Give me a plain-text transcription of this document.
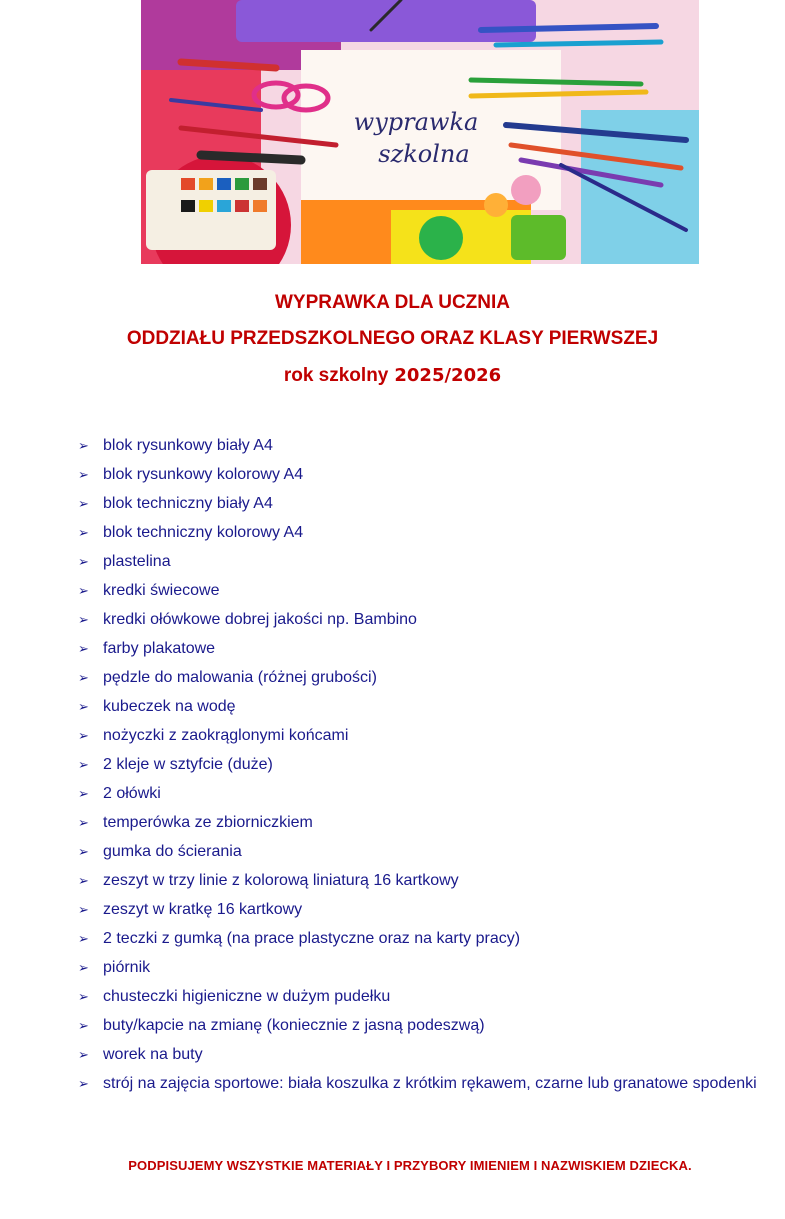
wyprawka
szkolna
WYPRAWKA DLA UCZNIA
ODDZIAŁU PRZEDSZKOLNEGO ORAZ KLASY PIERWSZEJ
rok szkolny 2025/2026
➢ blok rysunkowy biały A4
➢ blok rysunkowy kolorowy A4
➢ blok techniczny biały A4
➢ blok techniczny kolorowy A4
➢ plastelina
➢ kredki świecowe
➢ kredki ołówkowe dobrej jakości np. Bambino
➢ farby plakatowe
➢ pędzle do malowania (różnej grubości)
➢ kubeczek na wodę
➢ nożyczki z zaokrąglonymi końcami
➢ 2 kleje w sztyfcie (duże)
➢ 2 ołówki
➢ temperówka ze zbiorniczkiem
➢ gumka do ścierania
➢ zeszyt w trzy linie z kolorową liniaturą 16 kartkowy
➢ zeszyt w kratkę 16 kartkowy
➢ 2 teczki z gumką (na prace plastyczne oraz na karty pracy)
➢ piórnik
➢ chusteczki higieniczne w dużym pudełku
➢ buty/kapcie na zmianę (koniecznie z jasną podeszwą)
➢ worek na buty
➢ strój na zajęcia sportowe: biała koszulka z krótkim rękawem, czarne lub granatowe spodenki
PODPISUJEMY WSZYSTKIE MATERIAŁY I PRZYBORY IMIENIEM I NAZWISKIEM DZIECKA.
